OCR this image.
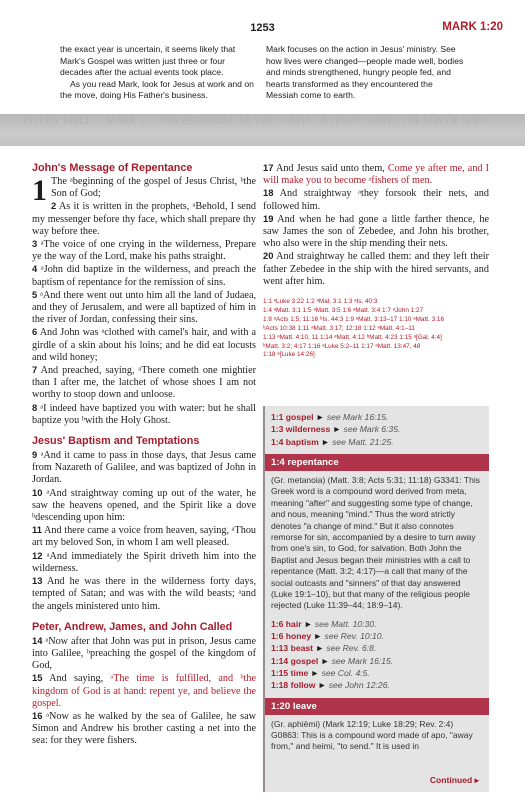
1253	MARK 1:20

the exact year is uncertain, it seems likely that Mark's Gospel was written just three or four decades after the actual events took place.

As you read Mark, look for Jesus at work and on the move, doing His Father's business.

Mark focuses on the action in Jesus' ministry. See how lives were changed—people made well, bodies and minds strengthened, hungry people fed, and hearts transformed as they encountered the Messiah come to earth.

(STUDY BIBLE — MARK 1 — THE BEGINNING OF THE GOSPEL OF JESUS CHRIST, THE SON OF GOD)
John's Message of Repentance

1 The ᵃbeginning of the gospel of Jesus Christ, ᵇthe Son of God;

2 As it is written in the prophets, ᵃBehold, I send my messenger before thy face, which shall prepare thy way before thee.

3 ᵃThe voice of one crying in the wilderness, Prepare ye the way of the Lord, make his paths straight.

4 ᵃJohn did baptize in the wilderness, and preach the baptism of repentance for the remission of sins.

5 ᵃAnd there went out unto him all the land of Judaea, and they of Jerusalem, and were all baptized of him in the river of Jordan, confessing their sins.

6 And John was ᵃclothed with camel's hair, and with a girdle of a skin about his loins; and he did eat locusts and wild honey;

7 And preached, saying, ᵃThere cometh one mightier than I after me, the latchet of whose shoes I am not worthy to stoop down and unloose.

8 ᵃI indeed have baptized you with water: but he shall baptize you ᵇwith the Holy Ghost.

Jesus' Baptism and Temptations

9 ᵃAnd it came to pass in those days, that Jesus came from Nazareth of Galilee, and was baptized of John in Jordan.

10 ᵃAnd straightway coming up out of the water, he saw the heavens opened, and the Spirit like a dove ᵇdescending upon him:

11 And there came a voice from heaven, saying, ᵃThou art my beloved Son, in whom I am well pleased.

12 ᵃAnd immediately the Spirit driveth him into the wilderness.

13 And he was there in the wilderness forty days, tempted of Satan; and was with the wild beasts; ᵃand the angels ministered unto him.

Peter, Andrew, James, and John Called

14 ᵃNow after that John was put in prison, Jesus came into Galilee, ᵇpreaching the gospel of the kingdom of God,

15 And saying, ᵃThe time is fulfilled, and ᵇthe kingdom of God is at hand: repent ye, and believe the gospel.

16 ᵃNow as he walked by the sea of Galilee, he saw Simon and Andrew his brother casting a net into the sea: for they were fishers.

17 And Jesus said unto them, Come ye after me, and I will make you to become ᵃfishers of men.

18 And straightway ᵃthey forsook their nets, and followed him.

19 And when he had gone a little farther thence, he saw James the son of Zebedee, and John his brother, who also were in the ship mending their nets.

20 And straightway he called them: and they left their father Zebedee in the ship with the hired servants, and went after him.

1:1 ᵃLuke 3:22 1:2 ᵃMal. 3:1 1:3 ᵃIs. 40:3
1:4 ᵃMatt. 3:1 1:5 ᵃMatt. 3:5 1:6 ᵃMatt. 3:4 1:7 ᵃJohn 1:27
1:8 ᵃActs 1:5; 11:16 ᵇIs. 44:3 1:9 ᵃMatt. 3:13–17 1:10 ᵃMatt. 3:16
ᵇActs 10:38 1:11 ᵃMatt. 3:17; 12:18 1:12 ᵃMatt. 4:1–11
1:13 ᵃMatt. 4:10, 11 1:14 ᵃMatt. 4:12 ᵇMatt. 4:23 1:15 ᵃ[Gal. 4:4]
ᵇMatt. 3:2; 4:17 1:16 ᵃLuke 5:2–11 1:17 ᵃMatt. 13:47, 48
1:18 ᵃ[Luke 14:26]
1:1 gospel ► see Mark 16:15.
1:3 wilderness ► see Mark 6:35.
1:4 baptism ► see Matt. 21:25.
1:4 repentance
(Gr. metanoia) (Matt. 3:8; Acts 5:31; 11:18) G3341: This Greek word is a compound word derived from meta, meaning "after" and suggesting some type of change, and nous, meaning "mind." Thus the word strictly denotes "a change of mind." But it also connotes remorse for sin, accompanied by a desire to turn away from one's sin, to God, for salvation. Both John the Baptist and Jesus began their ministries with a call to repentance (Matt. 3:2; 4:17)—a call that many of the social outcasts and "sinners" of that day answered (Luke 19:1–10), but that many of the religious people rejected (Luke 11:39–44; 18:9–14).
1:6 hair ► see Matt. 10:30.
1:6 honey ► see Rev. 10:10.
1:13 beast ► see Rev. 6:8.
1:14 gospel ► see Mark 16:15.
1:15 time ► see Col. 4:5.
1:18 follow ► see John 12:26.
1:20 leave
(Gr. aphiēmi) (Mark 12:19; Luke 18:29; Rev. 2:4) G0863: This is a compound word made of apo, "away from," and heimi, "to send." It is used in
Continued ▸
